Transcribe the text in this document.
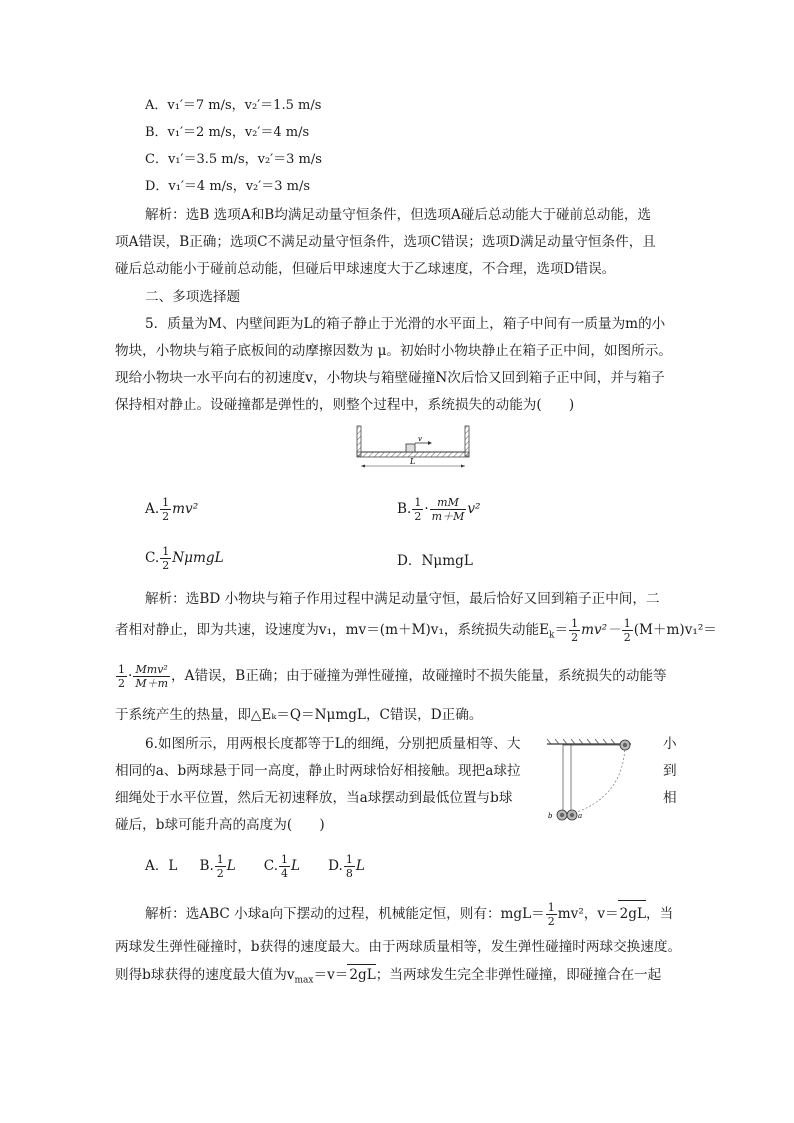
A．v₁′＝7 m/s，v₂′＝1.5 m/s
B．v₁′＝2 m/s，v₂′＝4 m/s
C．v₁′＝3.5 m/s，v₂′＝3 m/s
D．v₁′＝4 m/s，v₂′＝3 m/s
解析：选B 选项A和B均满足动量守恒条件，但选项A碰后总动能大于碰前总动能，选
项A错误，B正确；选项C不满足动量守恒条件，选项C错误；选项D满足动量守恒条件，且
碰后总动能小于碰前总动能，但碰后甲球速度大于乙球速度，不合理，选项D错误。
二、多项选择题
5．质量为M、内壁间距为L的箱子静止于光滑的水平面上，箱子中间有一质量为m的小
物块，小物块与箱子底板间的动摩擦因数为 μ。初始时小物块静止在箱子正中间，如图所示。
现给小物块一水平向右的初速度v，小物块与箱壁碰撞N次后恰又回到箱子正中间，并与箱子
保持相对静止。设碰撞都是弹性的，则整个过程中，系统损失的动能为(　　)
v
L
A. $\frac{1}{2} mv^2$	B. $\frac{1}{2} \cdot \frac{mM}{m+M} v^2$
C. $\frac{1}{2}$ NμmgL	D．NμmgL
解析：选BD 小物块与箱子作用过程中满足动量守恒，最后恰好又回到箱子正中间，二
者相对静止，即为共速，设速度为v₁，mv＝(m＋M)v₁，系统损失动能$E_k= \frac{1}{2} mv^2- \frac{1}{2} (M+m)v_1^2=$
$\frac{1}{2} \cdot \frac{\text{Mmv²}}{M+m}$ ，A错误，B正确；由于碰撞为弹性碰撞，故碰撞时不损失能量，系统损失的动能等
于系统产生的热量，即△Eₖ＝Q＝NμmgL，C错误，D正确。
6.如图所示，用两根长度都等于L的细绳，分别把质量相等、大	小
相同的a、b两球悬于同一高度，静止时两球恰好相接触。现把a球拉	到
细绳处于水平位置，然后无初速释放，当a球摆动到最低位置与b球	相
碰后，b球可能升高的高度为(　　)
b	a
A．L B. $\frac{1}{2}$ L C. $\frac{1}{4}$ L D. $\frac{1}{8}$ L
解析：选ABC 小球a向下摆动的过程，机械能定恒，则有：$mgL= \frac{1}{2} mv^2$，v＝2gL，当
两球发生弹性碰撞时，b获得的速度最大。由于两球质量相等，发生弹性碰撞时两球交换速度。
则得b球获得的速度最大值为$v_{max}=v=2gL$；当两球发生完全非弹性碰撞，即碰撞合在一起
